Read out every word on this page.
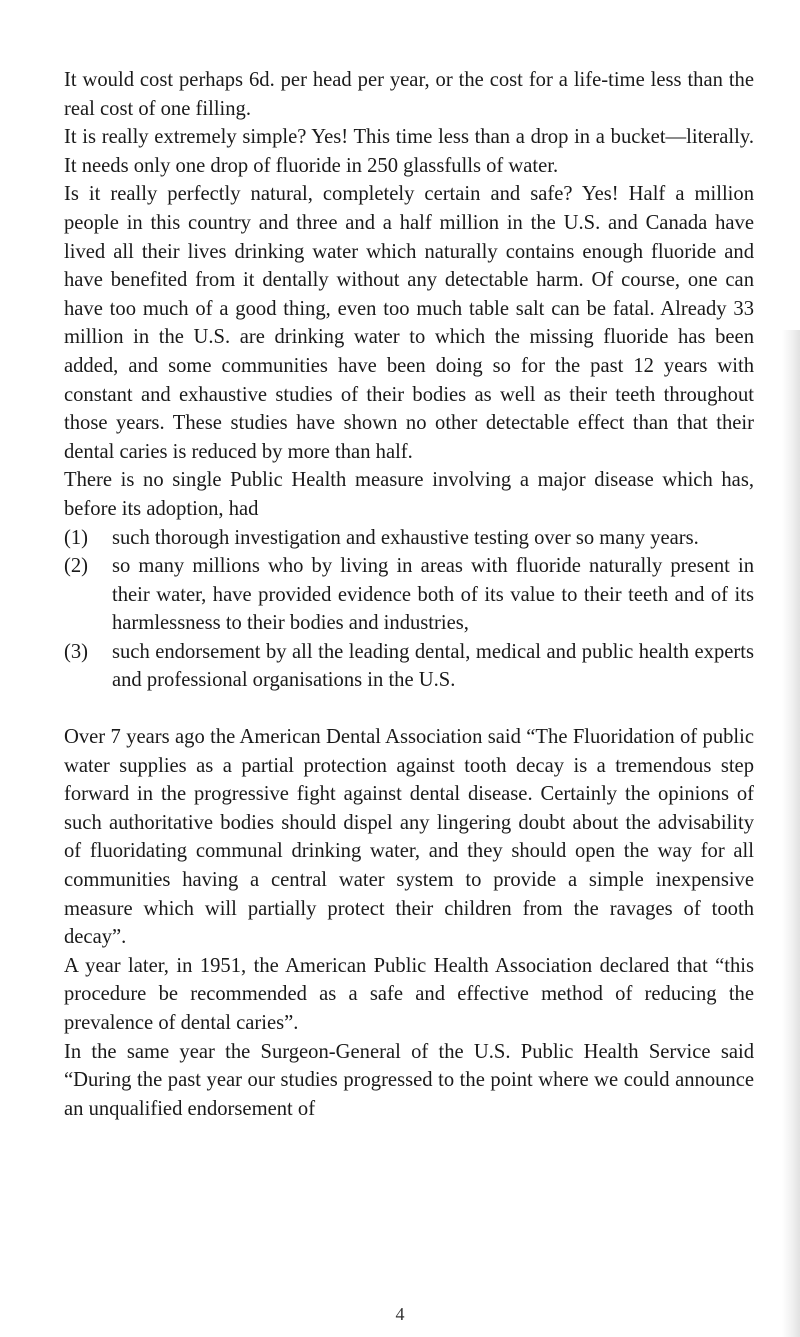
It would cost perhaps 6d. per head per year, or the cost for a life-time less than the real cost of one filling.

It is really extremely simple? Yes! This time less than a drop in a bucket—literally. It needs only one drop of fluoride in 250 glassfulls of water.

Is it really perfectly natural, completely certain and safe? Yes! Half a million people in this country and three and a half million in the U.S. and Canada have lived all their lives drinking water which naturally contains enough fluoride and have benefited from it dentally without any detectable harm. Of course, one can have too much of a good thing, even too much table salt can be fatal. Already 33 million in the U.S. are drinking water to which the missing fluoride has been added, and some communities have been doing so for the past 12 years with constant and exhaustive studies of their bodies as well as their teeth throughout those years. These studies have shown no other detectable effect than that their dental caries is reduced by more than half.

There is no single Public Health measure involving a major disease which has, before its adoption, had

(1)	such thorough investigation and exhaustive testing over so many years.
(2)	so many millions who by living in areas with fluoride naturally present in their water, have provided evidence both of its value to their teeth and of its harmlessness to their bodies and industries,
(3)	such endorsement by all the leading dental, medical and public health experts and professional organisations in the U.S.

Over 7 years ago the American Dental Association said “The Fluoridation of public water supplies as a partial protection against tooth decay is a tremendous step forward in the progressive fight against dental disease. Certainly the opinions of such authoritative bodies should dispel any lingering doubt about the advisability of fluoridating communal drinking water, and they should open the way for all communities having a central water system to provide a simple inexpensive measure which will partially protect their children from the ravages of tooth decay”.

A year later, in 1951, the American Public Health Association declared that “this procedure be recommended as a safe and effective method of reducing the prevalence of dental caries”.

In the same year the Surgeon-General of the U.S. Public Health Service said “During the past year our studies progressed to the point where we could announce an unqualified endorsement of

4
